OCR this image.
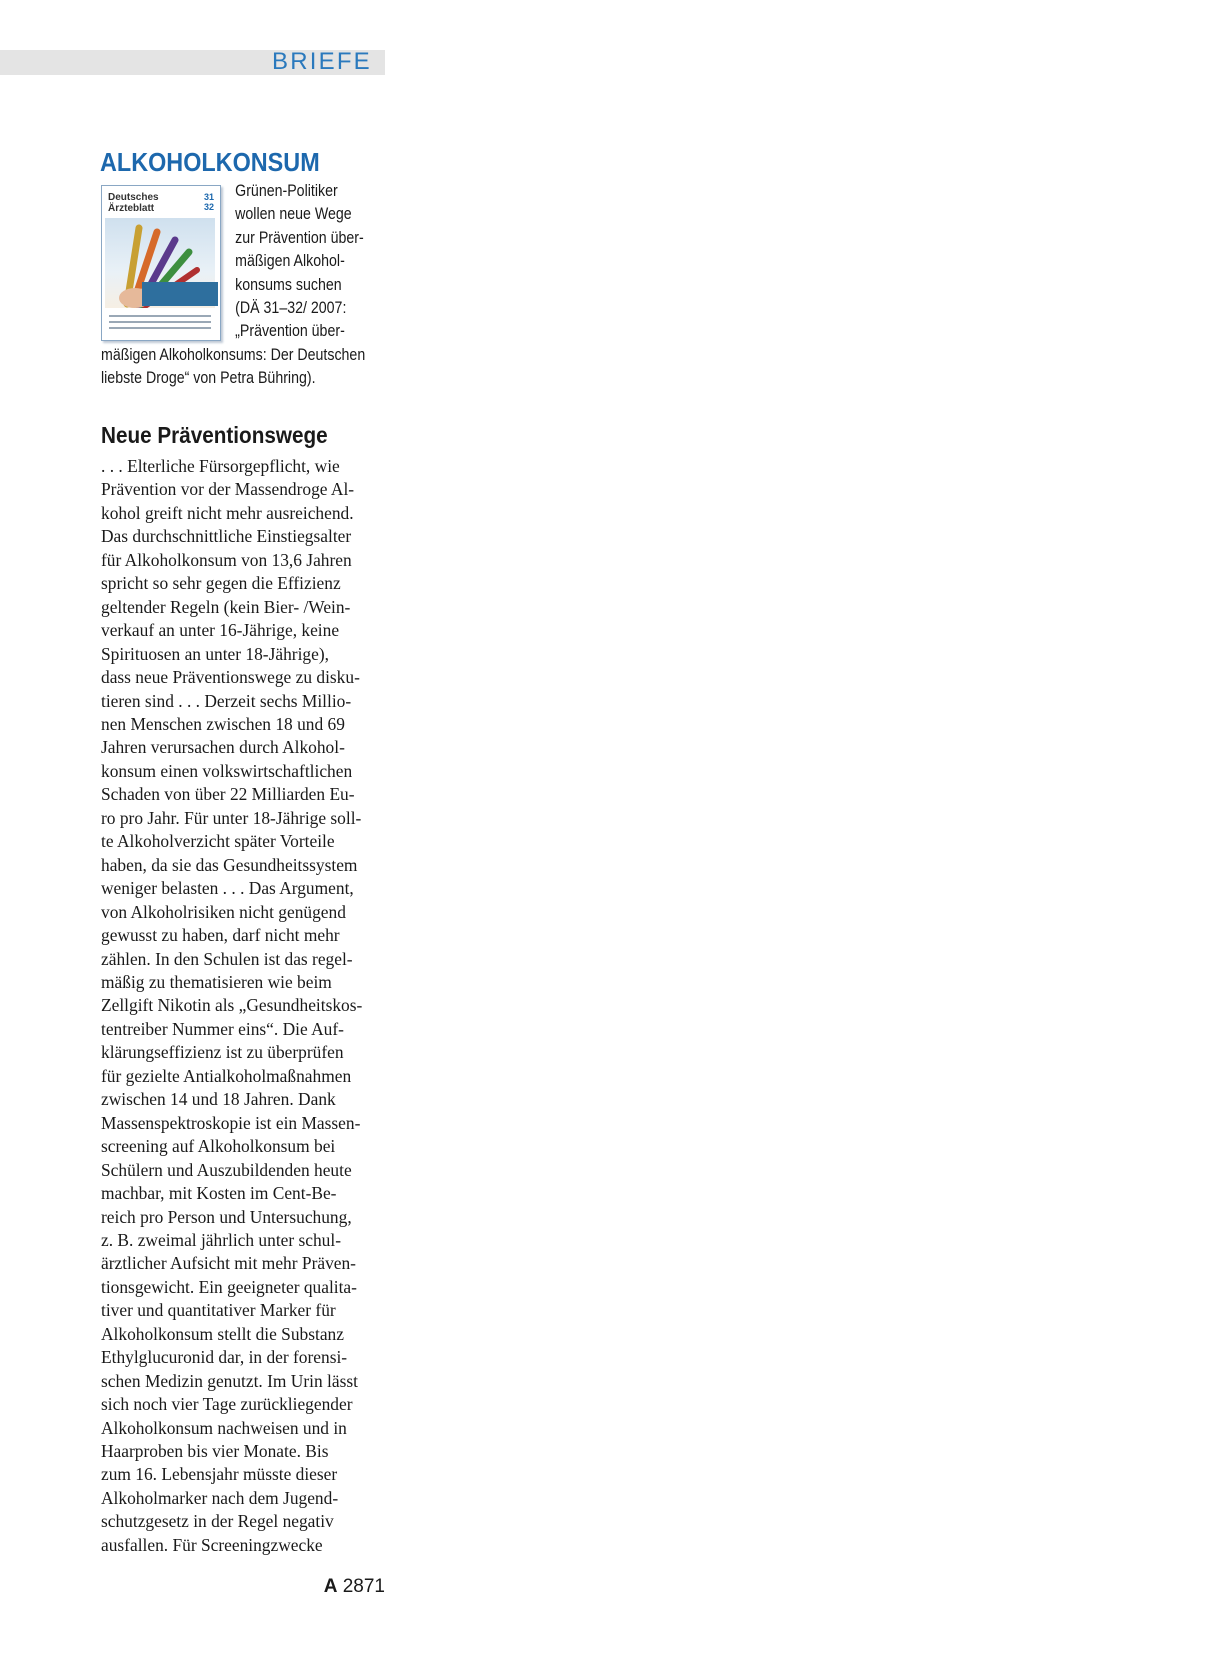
BRIEFE
ALKOHOLKONSUM
Deutsches
Ärzteblatt
31
32
Grünen-Politiker
wollen neue Wege
zur Prävention über-
mäßigen Alkohol-
konsums suchen
(DÄ 31–32/ 2007:
„Prävention über-
mäßigen Alkoholkonsums: Der Deutschen
liebste Droge“ von Petra Bühring).
Neue Präventionswege
. . . Elterliche Fürsorgepflicht, wie
Prävention vor der Massendroge Al-
kohol greift nicht mehr ausreichend.
Das durchschnittliche Einstiegsalter
für Alkoholkonsum von 13,6 Jahren
spricht so sehr gegen die Effizienz
geltender Regeln (kein Bier- /Wein-
verkauf an unter 16-Jährige, keine
Spirituosen an unter 18-Jährige),
dass neue Präventionswege zu disku-
tieren sind . . . Derzeit sechs Millio-
nen Menschen zwischen 18 und 69
Jahren verursachen durch Alkohol-
konsum einen volkswirtschaftlichen
Schaden von über 22 Milliarden Eu-
ro pro Jahr. Für unter 18-Jährige soll-
te Alkoholverzicht später Vorteile
haben, da sie das Gesundheitssystem
weniger belasten . . . Das Argument,
von Alkoholrisiken nicht genügend
gewusst zu haben, darf nicht mehr
zählen. In den Schulen ist das regel-
mäßig zu thematisieren wie beim
Zellgift Nikotin als „Gesundheitskos-
tentreiber Nummer eins“. Die Auf-
klärungseffizienz ist zu überprüfen
für gezielte Antialkoholmaßnahmen
zwischen 14 und 18 Jahren. Dank
Massenspektroskopie ist ein Massen-
screening auf Alkoholkonsum bei
Schülern und Auszubildenden heute
machbar, mit Kosten im Cent-Be-
reich pro Person und Untersuchung,
z. B. zweimal jährlich unter schul-
ärztlicher Aufsicht mit mehr Präven-
tionsgewicht. Ein geeigneter qualita-
tiver und quantitativer Marker für
Alkoholkonsum stellt die Substanz
Ethylglucuronid dar, in der forensi-
schen Medizin genutzt. Im Urin lässt
sich noch vier Tage zurückliegender
Alkoholkonsum nachweisen und in
Haarproben bis vier Monate. Bis
zum 16. Lebensjahr müsste dieser
Alkoholmarker nach dem Jugend-
schutzgesetz in der Regel negativ
ausfallen. Für Screeningzwecke
A 2871
